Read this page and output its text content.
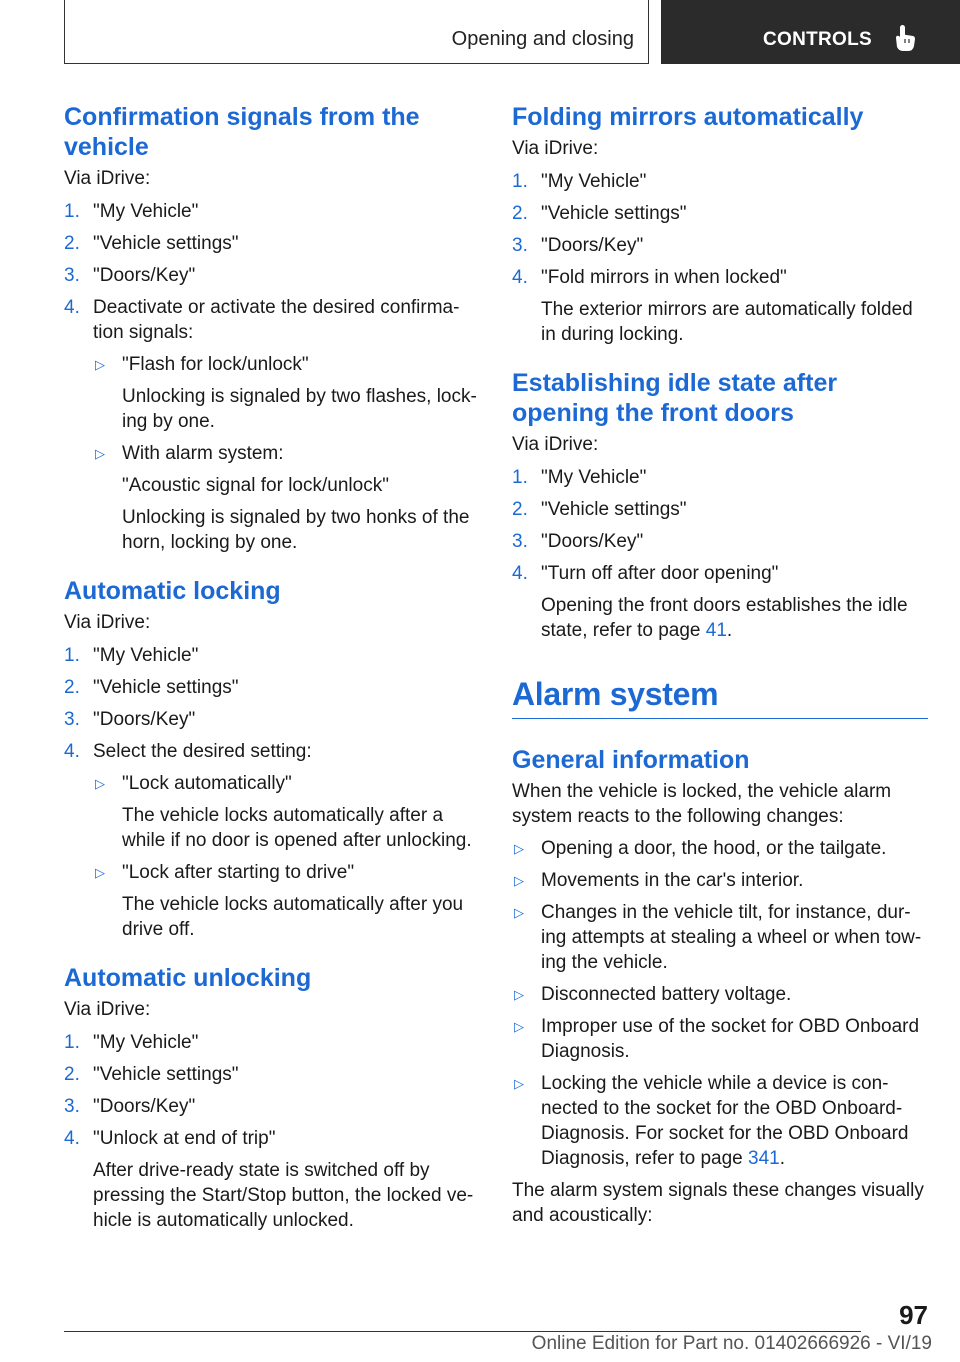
Opening and closing	CONTROLS
Confirmation signals from the vehicle
Via iDrive:
1. "My Vehicle"
2. "Vehicle settings"
3. "Doors/Key"
4. Deactivate or activate the desired confirma‐tion signals:
▷ "Flash for lock/unlock"
Unlocking is signaled by two flashes, lock‐ing by one.
▷ With alarm system:
"Acoustic signal for lock/unlock"
Unlocking is signaled by two honks of the horn, locking by one.
Automatic locking
Via iDrive:
1. "My Vehicle"
2. "Vehicle settings"
3. "Doors/Key"
4. Select the desired setting:
▷ "Lock automatically"
The vehicle locks automatically after a while if no door is opened after unlocking.
▷ "Lock after starting to drive"
The vehicle locks automatically after you drive off.
Automatic unlocking
Via iDrive:
1. "My Vehicle"
2. "Vehicle settings"
3. "Doors/Key"
4. "Unlock at end of trip"
After drive-ready state is switched off by pressing the Start/Stop button, the locked ve‐hicle is automatically unlocked.
Folding mirrors automatically
Via iDrive:
1. "My Vehicle"
2. "Vehicle settings"
3. "Doors/Key"
4. "Fold mirrors in when locked"
The exterior mirrors are automatically folded in during locking.
Establishing idle state after opening the front doors
Via iDrive:
1. "My Vehicle"
2. "Vehicle settings"
3. "Doors/Key"
4. "Turn off after door opening"
Opening the front doors establishes the idle state, refer to page 41.
Alarm system
General information

When the vehicle is locked, the vehicle alarm system reacts to the following changes:

▷ Opening a door, the hood, or the tailgate.
▷ Movements in the car's interior.
▷ Changes in the vehicle tilt, for instance, dur‐ing attempts at stealing a wheel or when tow‐ing the vehicle.
▷ Disconnected battery voltage.
▷ Improper use of the socket for OBD Onboard Diagnosis.
▷ Locking the vehicle while a device is con‐nected to the socket for the OBD Onboard-Diagnosis. For socket for the OBD Onboard Diagnosis, refer to page 341.

The alarm system signals these changes visually and acoustically:

97
Online Edition for Part no. 01402666926 - VI/19
